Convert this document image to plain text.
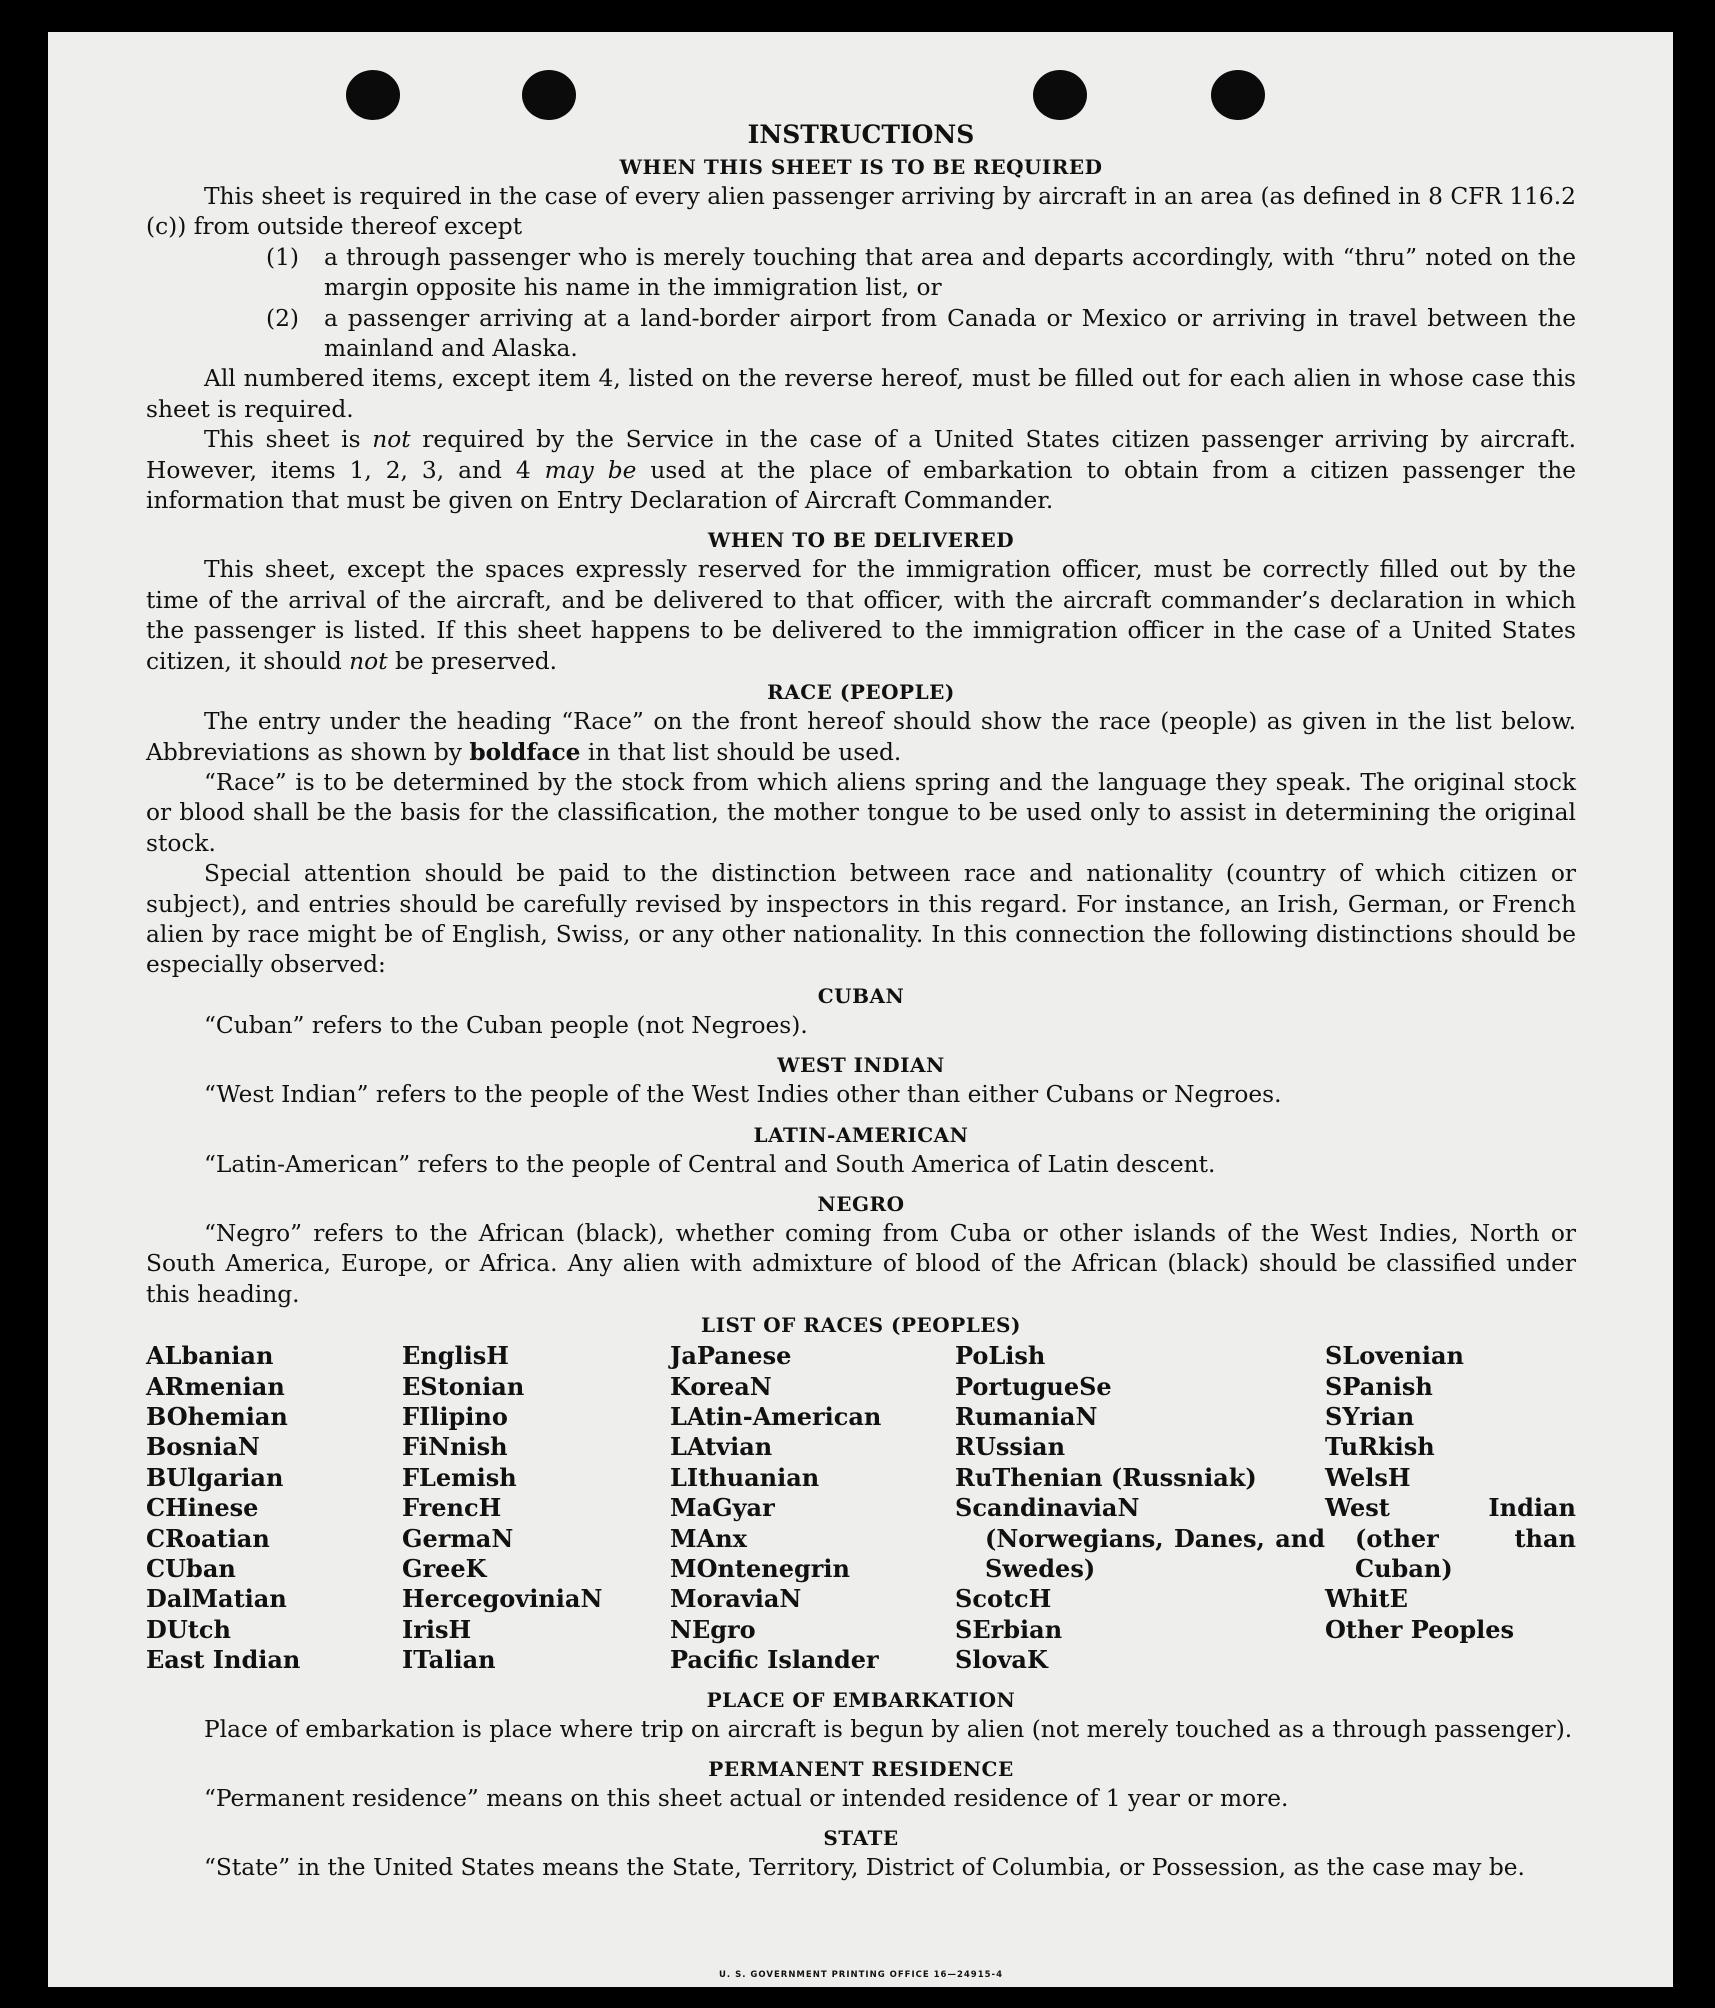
INSTRUCTIONS

WHEN THIS SHEET IS TO BE REQUIRED

This sheet is required in the case of every alien passenger arriving by aircraft in an area (as defined in 8 CFR 116.2 (c)) from outside thereof except

(1)	a through passenger who is merely touching that area and departs accordingly, with “thru” noted on the margin opposite his name in the immigration list, or
(2)	a passenger arriving at a land-border airport from Canada or Mexico or arriving in travel between the mainland and Alaska.

All numbered items, except item 4, listed on the reverse hereof, must be filled out for each alien in whose case this sheet is required.

This sheet is not required by the Service in the case of a United States citizen passenger arriving by aircraft. However, items 1, 2, 3, and 4 may be used at the place of embarkation to obtain from a citizen passenger the information that must be given on Entry Declaration of Aircraft Commander.

WHEN TO BE DELIVERED

This sheet, except the spaces expressly reserved for the immigration officer, must be correctly filled out by the time of the arrival of the aircraft, and be delivered to that officer, with the aircraft commander’s declaration in which the passenger is listed. If this sheet happens to be delivered to the immigration officer in the case of a United States citizen, it should not be preserved.

RACE (PEOPLE)

The entry under the heading “Race” on the front hereof should show the race (people) as given in the list below. Abbreviations as shown by boldface in that list should be used.

“Race” is to be determined by the stock from which aliens spring and the language they speak. The original stock or blood shall be the basis for the classification, the mother tongue to be used only to assist in determining the original stock.

Special attention should be paid to the distinction between race and nationality (country of which citizen or subject), and entries should be carefully revised by inspectors in this regard. For instance, an Irish, German, or French alien by race might be of English, Swiss, or any other nationality. In this connection the following distinctions should be especially observed:

CUBAN

“Cuban” refers to the Cuban people (not Negroes).

WEST INDIAN

“West Indian” refers to the people of the West Indies other than either Cubans or Negroes.

LATIN-AMERICAN

“Latin-American” refers to the people of Central and South America of Latin descent.

NEGRO

“Negro” refers to the African (black), whether coming from Cuba or other islands of the West Indies, North or South America, Europe, or Africa. Any alien with admixture of blood of the African (black) should be classified under this heading.

LIST OF RACES (PEOPLES)

ALbanian
ARmenian
BOhemian
BosniaN
BUlgarian
CHinese
CRoatian
CUban
DalMatian
DUtch
East Indian
EnglisH
EStonian
FIlipino
FiNnish
FLemish
FrencH
GermaN
GreeK
HercegoviniaN
IrisH
ITalian
JaPanese
KoreaN
LAtin-American
LAtvian
LIthuanian
MaGyar
MAnx
MOntenegrin
MoraviaN
NEgro
Pacific Islander
PoLish
PortugueSe
RumaniaN
RUssian
RuThenian (Russniak)
ScandinaviaN (Norwegians, Danes, and Swedes)
ScotcH
SErbian
SlovaK
SLovenian
SPanish
SYrian
TuRkish
WelsH
West Indian (other than Cuban)
WhitE
Other Peoples

PLACE OF EMBARKATION

Place of embarkation is place where trip on aircraft is begun by alien (not merely touched as a through passenger).

PERMANENT RESIDENCE

“Permanent residence” means on this sheet actual or intended residence of 1 year or more.

STATE

“State” in the United States means the State, Territory, District of Columbia, or Possession, as the case may be.

U. S. GOVERNMENT PRINTING OFFICE 16—24915-4
